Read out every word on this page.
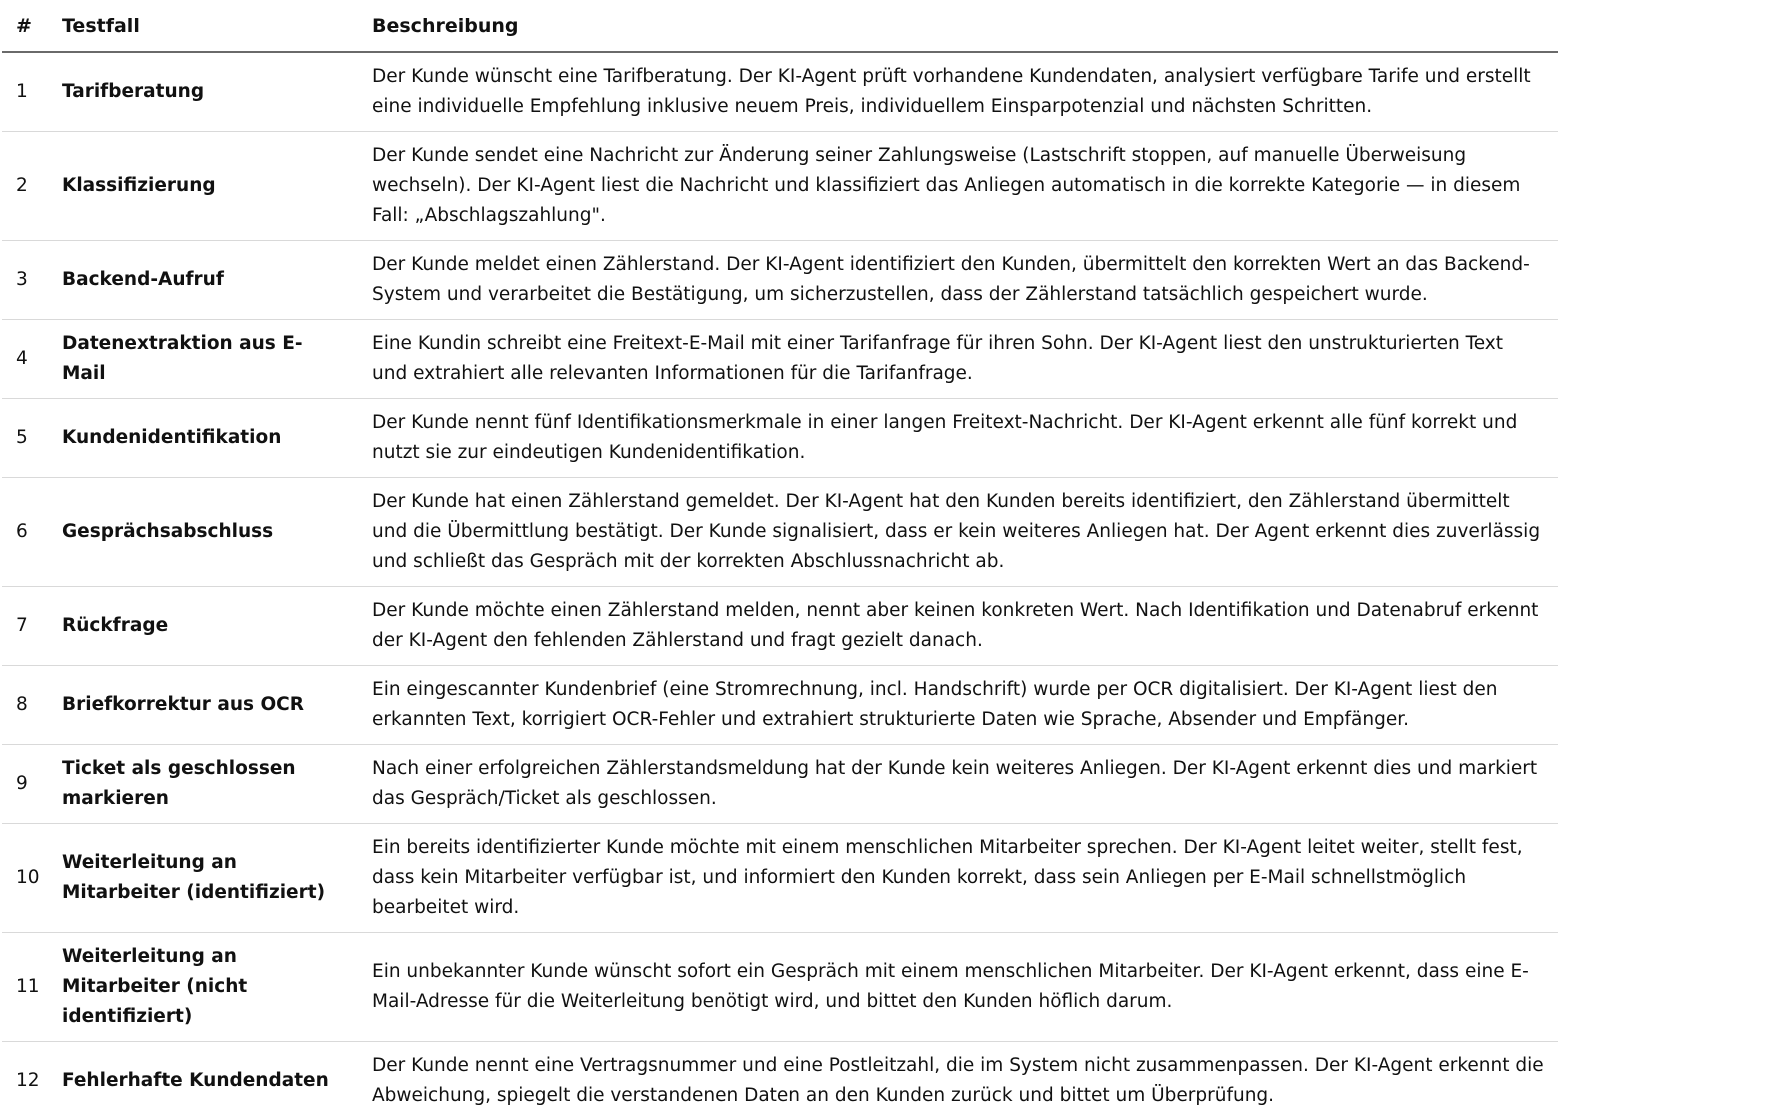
#	Testfall	Beschreibung
1	Tarifberatung	Der Kunde wünscht eine Tarifberatung. Der KI-Agent prüft vorhandene Kundendaten, analysiert verfügbare Tarife und erstellt eine individuelle Empfehlung inklusive neuem Preis, individuellem Einsparpotenzial und nächsten Schritten.
2	Klassifizierung	Der Kunde sendet eine Nachricht zur Änderung seiner Zahlungsweise (Lastschrift stoppen, auf manuelle Überweisung wechseln). Der KI-Agent liest die Nachricht und klassifiziert das Anliegen automatisch in die korrekte Kategorie — in diesem Fall: „Abschlagszahlung".
3	Backend-Aufruf	Der Kunde meldet einen Zählerstand. Der KI-Agent identifiziert den Kunden, übermittelt den korrekten Wert an das Backend-System und verarbeitet die Bestätigung, um sicherzustellen, dass der Zählerstand tatsächlich gespeichert wurde.
4	Datenextraktion aus E-Mail	Eine Kundin schreibt eine Freitext-E-Mail mit einer Tarifanfrage für ihren Sohn. Der KI-Agent liest den unstrukturierten Text und extrahiert alle relevanten Informationen für die Tarifanfrage.
5	Kundenidentifikation	Der Kunde nennt fünf Identifikationsmerkmale in einer langen Freitext-Nachricht. Der KI-Agent erkennt alle fünf korrekt und nutzt sie zur eindeutigen Kundenidentifikation.
6	Gesprächsabschluss	Der Kunde hat einen Zählerstand gemeldet. Der KI-Agent hat den Kunden bereits identifiziert, den Zählerstand übermittelt und die Übermittlung bestätigt. Der Kunde signalisiert, dass er kein weiteres Anliegen hat. Der Agent erkennt dies zuverlässig und schließt das Gespräch mit der korrekten Abschlussnachricht ab.
7	Rückfrage	Der Kunde möchte einen Zählerstand melden, nennt aber keinen konkreten Wert. Nach Identifikation und Datenabruf erkennt der KI-Agent den fehlenden Zählerstand und fragt gezielt danach.
8	Briefkorrektur aus OCR	Ein eingescannter Kundenbrief (eine Stromrechnung, incl. Handschrift) wurde per OCR digitalisiert. Der KI-Agent liest den erkannten Text, korrigiert OCR-Fehler und extrahiert strukturierte Daten wie Sprache, Absender und Empfänger.
9	Ticket als geschlossen markieren	Nach einer erfolgreichen Zählerstandsmeldung hat der Kunde kein weiteres Anliegen. Der KI-Agent erkennt dies und markiert das Gespräch/Ticket als geschlossen.
10	Weiterleitung an Mitarbeiter (identifiziert)	Ein bereits identifizierter Kunde möchte mit einem menschlichen Mitarbeiter sprechen. Der KI-Agent leitet weiter, stellt fest, dass kein Mitarbeiter verfügbar ist, und informiert den Kunden korrekt, dass sein Anliegen per E-Mail schnellstmöglich bearbeitet wird.
11	Weiterleitung an Mitarbeiter (nicht identifiziert)	Ein unbekannter Kunde wünscht sofort ein Gespräch mit einem menschlichen Mitarbeiter. Der KI-Agent erkennt, dass eine E-Mail-Adresse für die Weiterleitung benötigt wird, und bittet den Kunden höflich darum.
12	Fehlerhafte Kundendaten	Der Kunde nennt eine Vertragsnummer und eine Postleitzahl, die im System nicht zusammenpassen. Der KI-Agent erkennt die Abweichung, spiegelt die verstandenen Daten an den Kunden zurück und bittet um Überprüfung.
